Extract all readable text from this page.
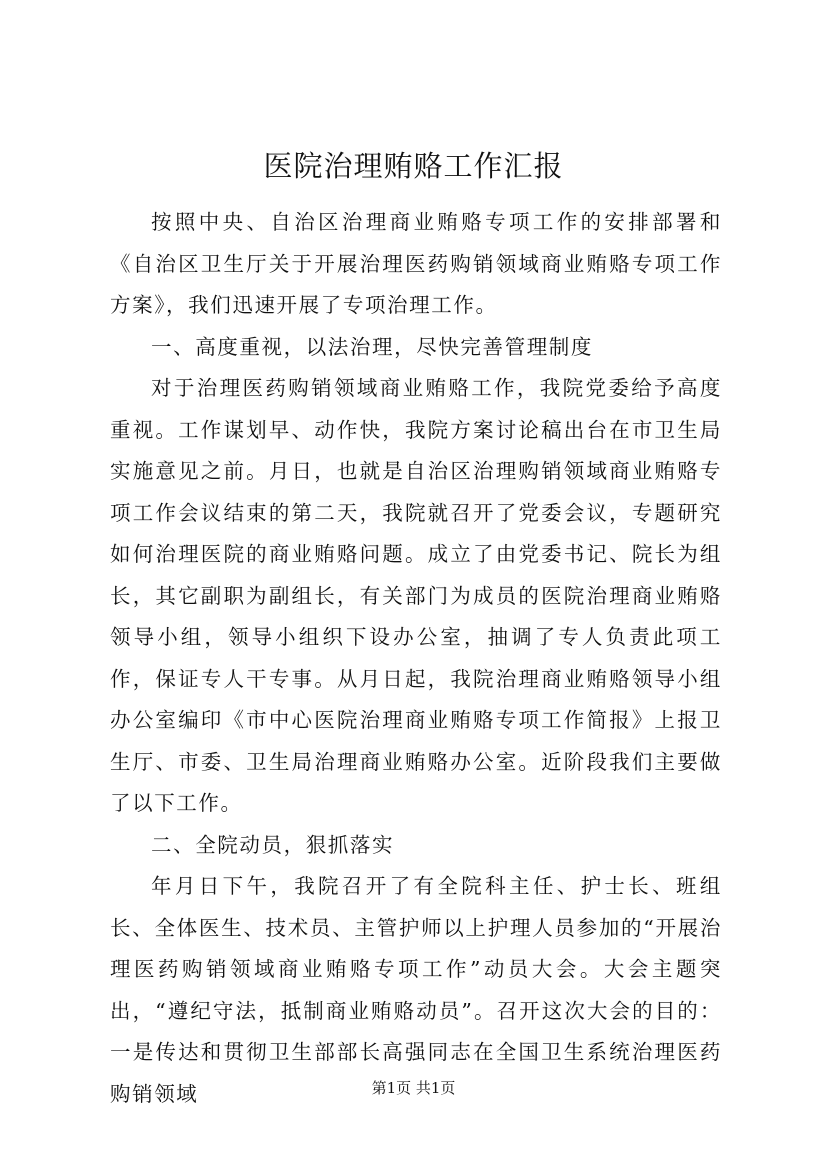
医院治理贿赂工作汇报

按照中央、自治区治理商业贿赂专项工作的安排部署和《自治区卫生厅关于开展治理医药购销领域商业贿赂专项工作方案》，我们迅速开展了专项治理工作。

一、高度重视，以法治理，尽快完善管理制度

对于治理医药购销领域商业贿赂工作，我院党委给予高度重视。工作谋划早、动作快，我院方案讨论稿出台在市卫生局实施意见之前。月日，也就是自治区治理购销领域商业贿赂专项工作会议结束的第二天，我院就召开了党委会议，专题研究如何治理医院的商业贿赂问题。成立了由党委书记、院长为组长，其它副职为副组长，有关部门为成员的医院治理商业贿赂领导小组，领导小组织下设办公室，抽调了专人负责此项工作，保证专人干专事。从月日起，我院治理商业贿赂领导小组办公室编印《市中心医院治理商业贿赂专项工作简报》上报卫生厅、市委、卫生局治理商业贿赂办公室。近阶段我们主要做了以下工作。

二、全院动员，狠抓落实

年月日下午，我院召开了有全院科主任、护士长、班组长、全体医生、技术员、主管护师以上护理人员参加的“开展治理医药购销领域商业贿赂专项工作”动员大会。大会主题突出，“遵纪守法，抵制商业贿赂动员”。召开这次大会的目的：一是传达和贯彻卫生部部长高强同志在全国卫生系统治理医药购销领域	第1页 共1页
